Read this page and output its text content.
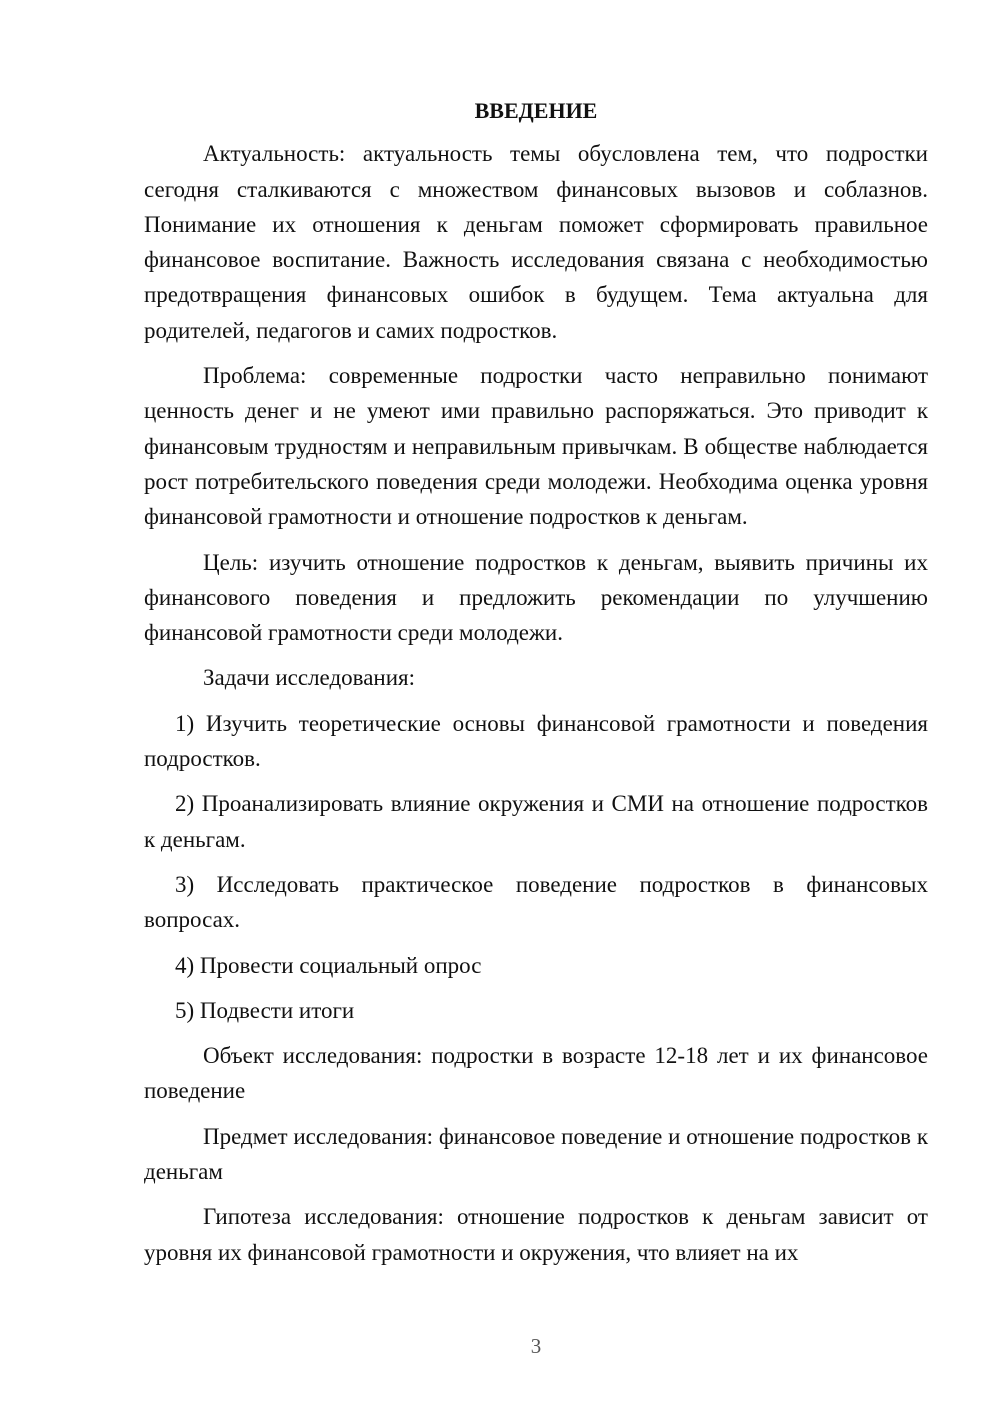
ВВЕДЕНИЕ

Актуальность: актуальность темы обусловлена тем, что подростки сегодня сталкиваются с множеством финансовых вызовов и соблазнов. Понимание их отношения к деньгам поможет сформировать правильное финансовое воспитание. Важность исследования связана с необходимостью предотвращения финансовых ошибок в будущем. Тема актуальна для родителей, педагогов и самих подростков.

Проблема: современные подростки часто неправильно понимают ценность денег и не умеют ими правильно распоряжаться. Это приводит к финансовым трудностям и неправильным привычкам. В обществе наблюдается рост потребительского поведения среди молодежи. Необходима оценка уровня финансовой грамотности и отношение подростков к деньгам.

Цель: изучить отношение подростков к деньгам, выявить причины их финансового поведения и предложить рекомендации по улучшению финансовой грамотности среди молодежи.

Задачи исследования:

1) Изучить теоретические основы финансовой грамотности и поведения подростков.

2) Проанализировать влияние окружения и СМИ на отношение подростков к деньгам.

3) Исследовать практическое поведение подростков в финансовых вопросах.

4) Провести социальный опрос

5) Подвести итоги

Объект исследования: подростки в возрасте 12-18 лет и их финансовое поведение

Предмет исследования: финансовое поведение и отношение подростков к деньгам

Гипотеза исследования: отношение подростков к деньгам зависит от уровня их финансовой грамотности и окружения, что влияет на их

3
